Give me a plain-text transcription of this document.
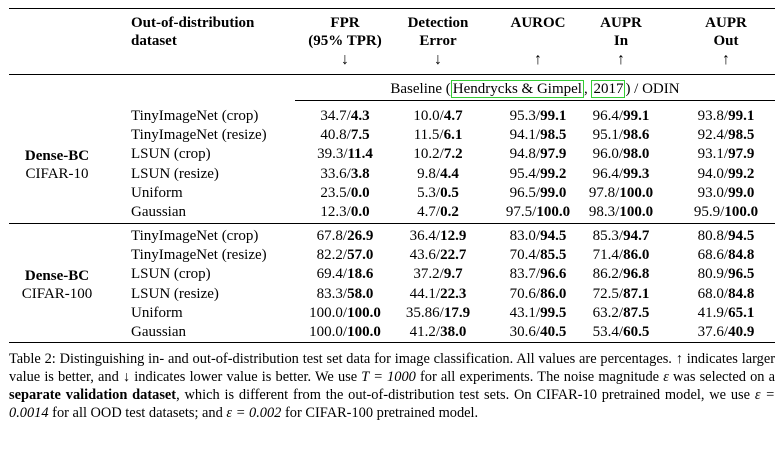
Out-of-distribution
dataset
FPR
(95% TPR)
↓
Detection
Error
↓
AUROC
↑
AUPR
In
↑
AUPR
Out
↑
Baseline ( Hendrycks & Gimpel , 2017 ) / ODIN
Dense-BC
CIFAR-10
TinyImageNet (crop)	34.7/4.3	10.0/4.7	95.3/99.1 96.4/99.1	93.8/99.1
TinyImageNet (resize)	40.8/7.5	11.5/6.1	94.1/98.5 95.1/98.6	92.4/98.5
LSUN (crop)	39.3/11.4	10.2/7.2	94.8/97.9 96.0/98.0	93.1/97.9
LSUN (resize)	33.6/3.8	9.8/4.4	95.4/99.2 96.4/99.3	94.0/99.2
Uniform	23.5/0.0	5.3/0.5	96.5/99.0 97.8/100.0	93.0/99.0
Gaussian	12.3/0.0	4.7/0.2	97.5/100.0 98.3/100.0	95.9/100.0
Dense-BC
CIFAR-100
TinyImageNet (crop)	67.8/26.9 36.4/12.9	83.0/94.5 85.3/94.7	80.8/94.5
TinyImageNet (resize)	82.2/57.0 43.6/22.7	70.4/85.5 71.4/86.0	68.6/84.8
LSUN (crop)	69.4/18.6	37.2/9.7	83.7/96.6 86.2/96.8	80.9/96.5
LSUN (resize)	83.3/58.0 44.1/22.3	70.6/86.0 72.5/87.1	68.0/84.8
Uniform	100.0/100.0 35.86/17.9	43.1/99.5 63.2/87.5	41.9/65.1
Gaussian	100.0/100.0 41.2/38.0	30.6/40.5 53.4/60.5	37.6/40.9
Table 2: Distinguishing in- and out-of-distribution test set data for image classification. All values are percentages. ↑ indicates larger value is better, and ↓ indicates lower value is better. We use T = 1000 for all experiments. The noise magnitude ε was selected on a separate validation dataset, which is different from the out-of-distribution test sets. On CIFAR-10 pretrained model, we use ε = 0.0014 for all OOD test datasets; and ε = 0.002 for CIFAR-100 pretrained model.
